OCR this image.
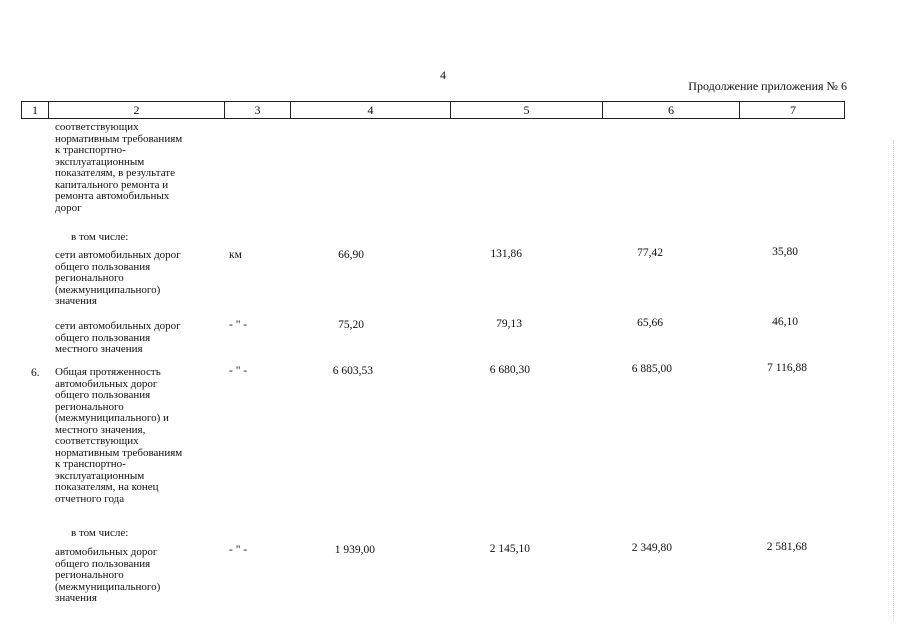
4
Продолжение приложения № 6
1	2	3	4	5	6	7
соответствующих
нормативным требованиям
к транспортно-
эксплуатационным
показателям, в результате
капитального ремонта и
ремонта автомобильных
дорог
в том числе:
сети автомобильных дорог
общего пользования
регионального
(межмуниципального)
значения
км	66,90	131,86	77,42	35,80
сети автомобильных дорог
общего пользования
местного значения
- " -	75,20	79,13	65,66	46,10
6. Общая протяженность
автомобильных дорог
общего пользования
регионального
(межмуниципального) и
местного значения,
соответствующих
нормативным требованиям
к транспортно-
эксплуатационным
показателям, на конец
отчетного года
- " -	6 603,53	6 680,30	6 885,00	7 116,88
в том числе:
автомобильных дорог
общего пользования
регионального
(межмуниципального)
значения
- " -	1 939,00	2 145,10	2 349,80	2 581,68
